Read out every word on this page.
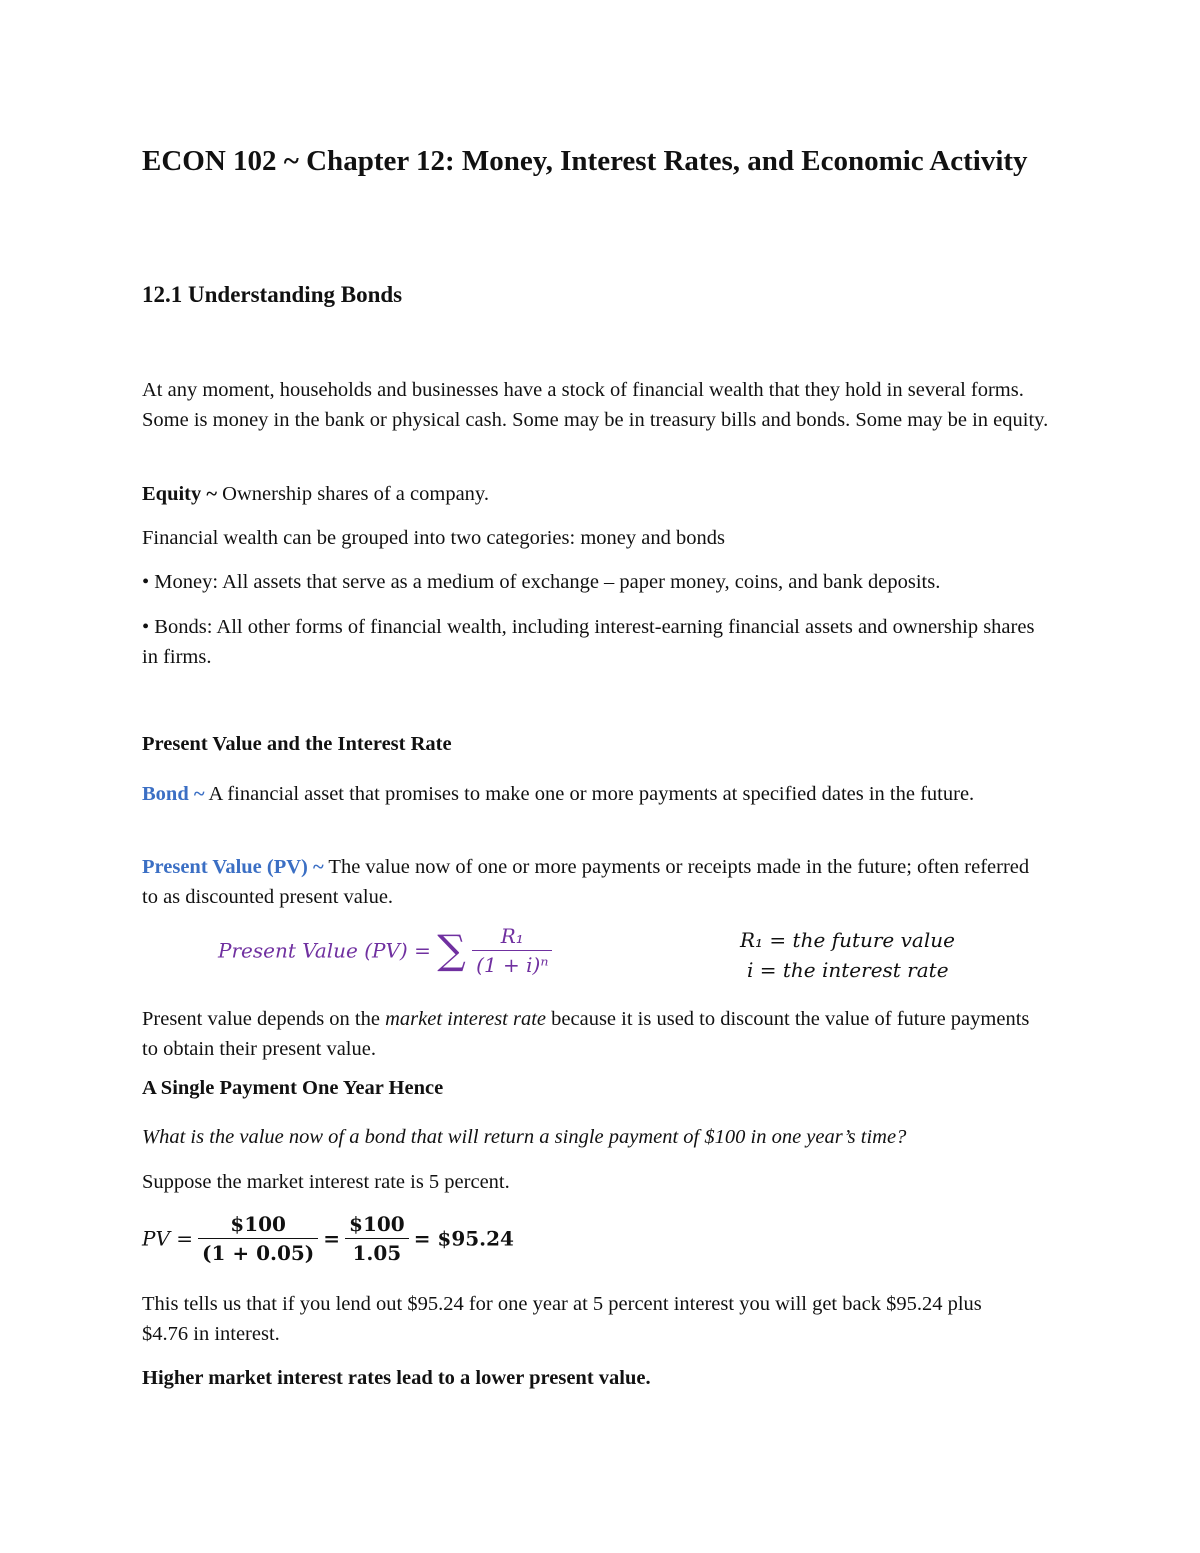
ECON 102 ~ Chapter 12: Money, Interest Rates, and Economic Activity
12.1 Understanding Bonds
At any moment, households and businesses have a stock of financial wealth that they hold in several forms. Some is money in the bank or physical cash. Some may be in treasury bills and bonds. Some may be in equity.
Equity ~ Ownership shares of a company.
Financial wealth can be grouped into two categories: money and bonds
• Money: All assets that serve as a medium of exchange – paper money, coins, and bank deposits.
• Bonds: All other forms of financial wealth, including interest-earning financial assets and ownership shares in firms.
Present Value and the Interest Rate
Bond ~ A financial asset that promises to make one or more payments at specified dates in the future.
Present Value (PV) ~ The value now of one or more payments or receipts made in the future; often referred to as discounted present value.
Present Value (PV) = ∑ $\frac{\text{R₁}}{\text{(1 + i)ⁿ}}$	R₁ = the future value
i = the interest rate
Present value depends on the market interest rate because it is used to discount the value of future payments to obtain their present value.
A Single Payment One Year Hence
What is the value now of a bond that will return a single payment of $100 in one year’s time?
Suppose the market interest rate is 5 percent.
PV = $\frac{\$100}{(1 + 0.05)} = \frac{\$100}{1.05}$ = $95.24
This tells us that if you lend out $95.24 for one year at 5 percent interest you will get back $95.24 plus $4.76 in interest.
Higher market interest rates lead to a lower present value.
